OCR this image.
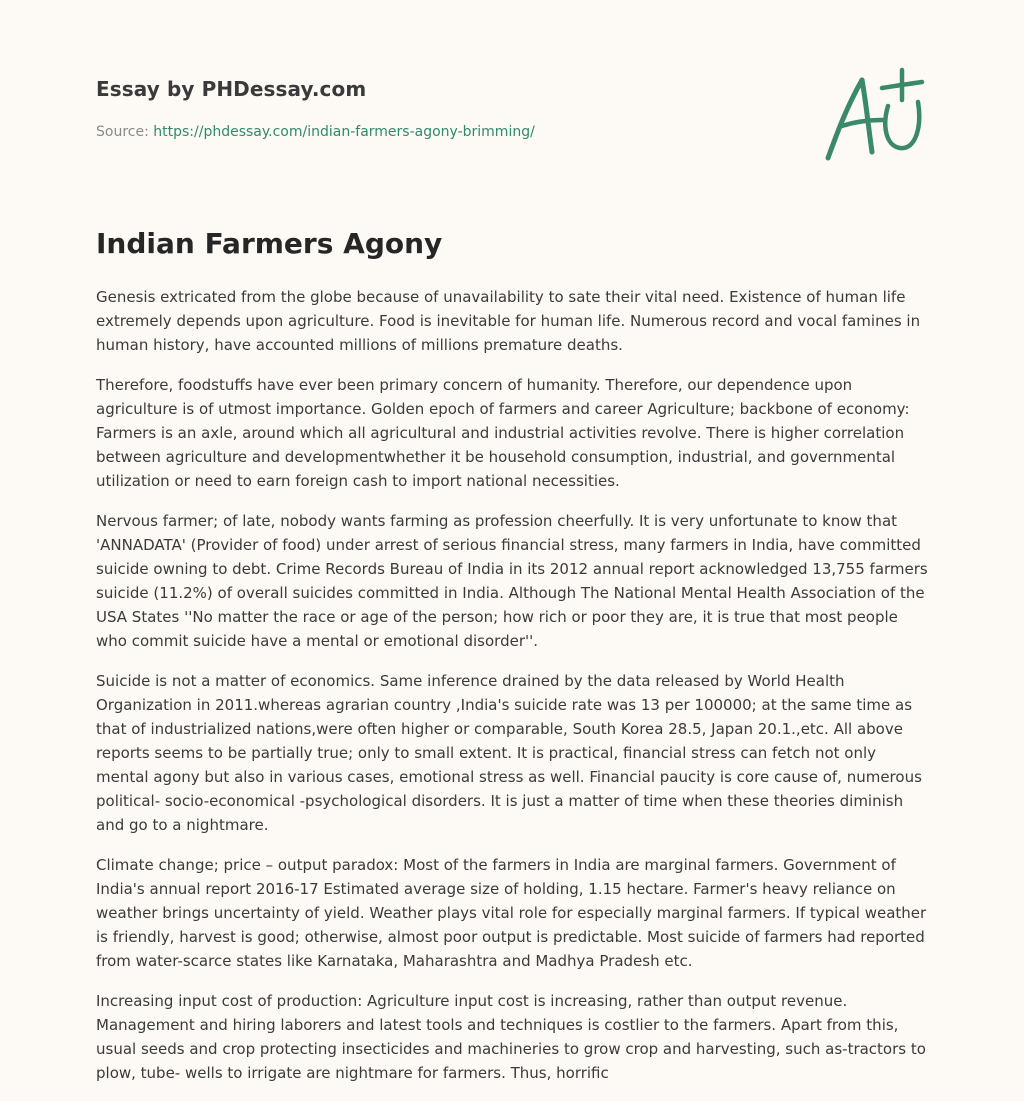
Essay by PHDessay.com
Source: https://phdessay.com/indian-farmers-agony-brimming/
Indian Farmers Agony

Genesis extricated from the globe because of unavailability to sate their vital need. Existence of human life extremely depends upon agriculture. Food is inevitable for human life. Numerous record and vocal famines in human history, have accounted millions of millions premature deaths.

Therefore, foodstuffs have ever been primary concern of humanity. Therefore, our dependence upon agriculture is of utmost importance. Golden epoch of farmers and career Agriculture; backbone of economy: Farmers is an axle, around which all agricultural and industrial activities revolve. There is higher correlation between agriculture and developmentwhether it be household consumption, industrial, and governmental utilization or need to earn foreign cash to import national necessities.

Nervous farmer; of late, nobody wants farming as profession cheerfully. It is very unfortunate to know that 'ANNADATA' (Provider of food) under arrest of serious financial stress, many farmers in India, have committed suicide owning to debt. Crime Records Bureau of India in its 2012 annual report acknowledged 13,755 farmers suicide (11.2%) of overall suicides committed in India. Although The National Mental Health Association of the USA States ''No matter the race or age of the person; how rich or poor they are, it is true that most people who commit suicide have a mental or emotional disorder''.

Suicide is not a matter of economics. Same inference drained by the data released by World Health Organization in 2011.whereas agrarian country ,India's suicide rate was 13 per 100000; at the same time as that of industrialized nations,were often higher or comparable, South Korea 28.5, Japan 20.1.,etc. All above reports seems to be partially true; only to small extent. It is practical, financial stress can fetch not only mental agony but also in various cases, emotional stress as well. Financial paucity is core cause of, numerous political- socio-economical -psychological disorders. It is just a matter of time when these theories diminish and go to a nightmare.

Climate change; price – output paradox: Most of the farmers in India are marginal farmers. Government of India's annual report 2016-17 Estimated average size of holding, 1.15 hectare. Farmer's heavy reliance on weather brings uncertainty of yield. Weather plays vital role for especially marginal farmers. If typical weather is friendly, harvest is good; otherwise, almost poor output is predictable. Most suicide of farmers had reported from water-scarce states like Karnataka, Maharashtra and Madhya Pradesh etc.

Increasing input cost of production: Agriculture input cost is increasing, rather than output revenue. Management and hiring laborers and latest tools and techniques is costlier to the farmers. Apart from this, usual seeds and crop protecting insecticides and machineries to grow crop and harvesting, such as-tractors to plow, tube- wells to irrigate are nightmare for farmers. Thus, horrific
